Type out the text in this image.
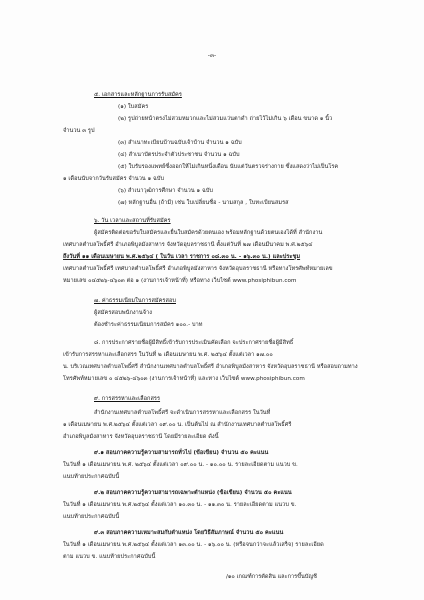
-๓-
๕. เอกสารและหลักฐานการรับสมัคร
(๑) ใบสมัคร
(๒) รูปถ่ายหน้าตรงไม่สวมหมวกและไม่สวมแว่นตาดำ ถ่ายไว้ไม่เกิน ๖ เดือน ขนาด ๑ นิ้ว
จำนวน ๓ รูป
(๓) สำเนาทะเบียนบ้านฉบับเจ้าบ้าน จำนวน ๑ ฉบับ
(๔) สำเนาบัตรประจำตัวประชาชน จำนวน ๑ ฉบับ
(๕) ใบรับรองแพทย์ซึ่งออกให้ไม่เกินหนึ่งเดือน นับแต่วันตรวจร่างกาย ซึ่งแสดงว่าไม่เป็นโรค
๑ เดือนนับจากวันรับสมัคร จำนวน ๑ ฉบับ
(๖) สำเนาวุฒิการศึกษา จำนวน ๑ ฉบับ
(๗) หลักฐานอื่น (ถ้ามี) เช่น ใบเปลี่ยนชื่อ - นามสกุล , ใบทะเบียนสมรส
๖. วัน เวลาและสถานที่รับสมัคร
ผู้สมัครติดต่อขอรับใบสมัครและยื่นใบสมัครด้วยตนเอง พร้อมหลักฐานด้วยตนเองได้ที่ สำนักงาน
เทศบาลตำบลโพธิ์ศรี อำเภอพิบูลมังสาหาร จังหวัดอุบลราชธานี ตั้งแต่วันที่ ๒๗ เดือนมีนาคม พ.ศ.๒๕๖๔
ถึงวันที่ ๑๑ เดือนเมษายน พ.ศ.๒๕๖๔ ( ในวัน เวลา ราชการ ๐๘.๓๐ น. - ๑๖.๓๐ น.) และประชุม
เทศบาลตำบลโพธิ์ศรี เทศบาลตำบลโพธิ์ศรี อำเภอพิบูลมังสาหาร จังหวัดอุบลราชธานี หรือทางโทรศัพท์หมายเลข
หมายเลข ๐๔๕๒๖-๔๖๐๓ ต่อ ๑ (งานการเจ้าหน้าที่) หรือทาง เว็บไซต์ www.phosiphibun.com
๗. ค่าธรรมเนียมในการสมัครสอบ
ผู้สมัครสอบพนักงานจ้าง
ต้องชำระค่าธรรมเนียมการสมัคร ๑๐๐.- บาท
๘. การประกาศรายชื่อผู้มีสิทธิ์เข้ารับการประเมินคัดเลือก จะประกาศรายชื่อผู้มีสิทธิ์
เข้ารับการสรรหาและเลือกสรร ในวันที่ ๒ เดือนเมษายน พ.ศ. ๒๕๖๔ ตั้งแต่เวลา ๑๗.๐๐
น. บริเวณเทศบาลตำบลโพธิ์ศรี สำนักงานเทศบาลตำบลโพธิ์ศรี อำเภอพิบูลมังสาหาร จังหวัดอุบลราชธานี หรือสอบถามทาง
โทรศัพท์หมายเลข ๐ ๔๕๒๖-๔๖๐๓ (งานการเจ้าหน้าที่) และทาง เว็บไซต์ www.phosiphibun.com
๙. การสรรหาและเลือกสรร
สำนักงานเทศบาลตำบลโพธิ์ศรี จะดำเนินการสรรหาและเลือกสรร ในวันที่
๑ เดือนเมษายน พ.ศ.๒๕๖๔ ตั้งแต่เวลา ๐๙.๐๐ น. เป็นต้นไป ณ สำนักงานเทศบาลตำบลโพธิ์ศรี
อำเภอพิบูลมังสาหาร จังหวัดอุบลราชธานี โดยมีรายละเอียด ดังนี้
๙.๑ สอบภาคความรู้ความสามารถทั่วไป (ข้อเขียน) จำนวน ๕๐ คะแนน
ในวันที่ ๑ เดือนเมษายน พ.ศ. ๒๕๖๔ ตั้งแต่เวลา ๐๙.๐๐ น. - ๑๐.๐๐ น. รายละเอียดตาม แนวบ ข.
แนบท้ายประกาศฉบับนี้
๙.๒ สอบภาคความรู้ความสามารถเฉพาะตำแหน่ง (ข้อเขียน) จำนวน ๕๐ คะแนน
ในวันที่ ๑ เดือนเมษายน พ.ศ.๒๕๖๔ ตั้งแต่เวลา ๑๐.๓๐ น. - ๑๑.๓๐ น. รายละเอียดตาม แนวบ ข.
แนบท้ายประกาศฉบับนี้
๙.๓ สอบภาคความเหมาะสมกับตำแหน่ง โดยวิธีสัมภาษณ์ จำนวน ๕๐ คะแนน
ในวันที่ ๑ เดือนเมษายน พ.ศ.๒๕๖๔ ตั้งแต่เวลา ๑๓.๐๐ น. - ๑๖.๐๐ น. (หรือจนกว่าจะแล้วเสร็จ) รายละเอียด
ตาม แนวบ ข. แนบท้ายประกาศฉบับนี้
/๑๐ เกณฑ์การตัดสิน และการขึ้นบัญชี
